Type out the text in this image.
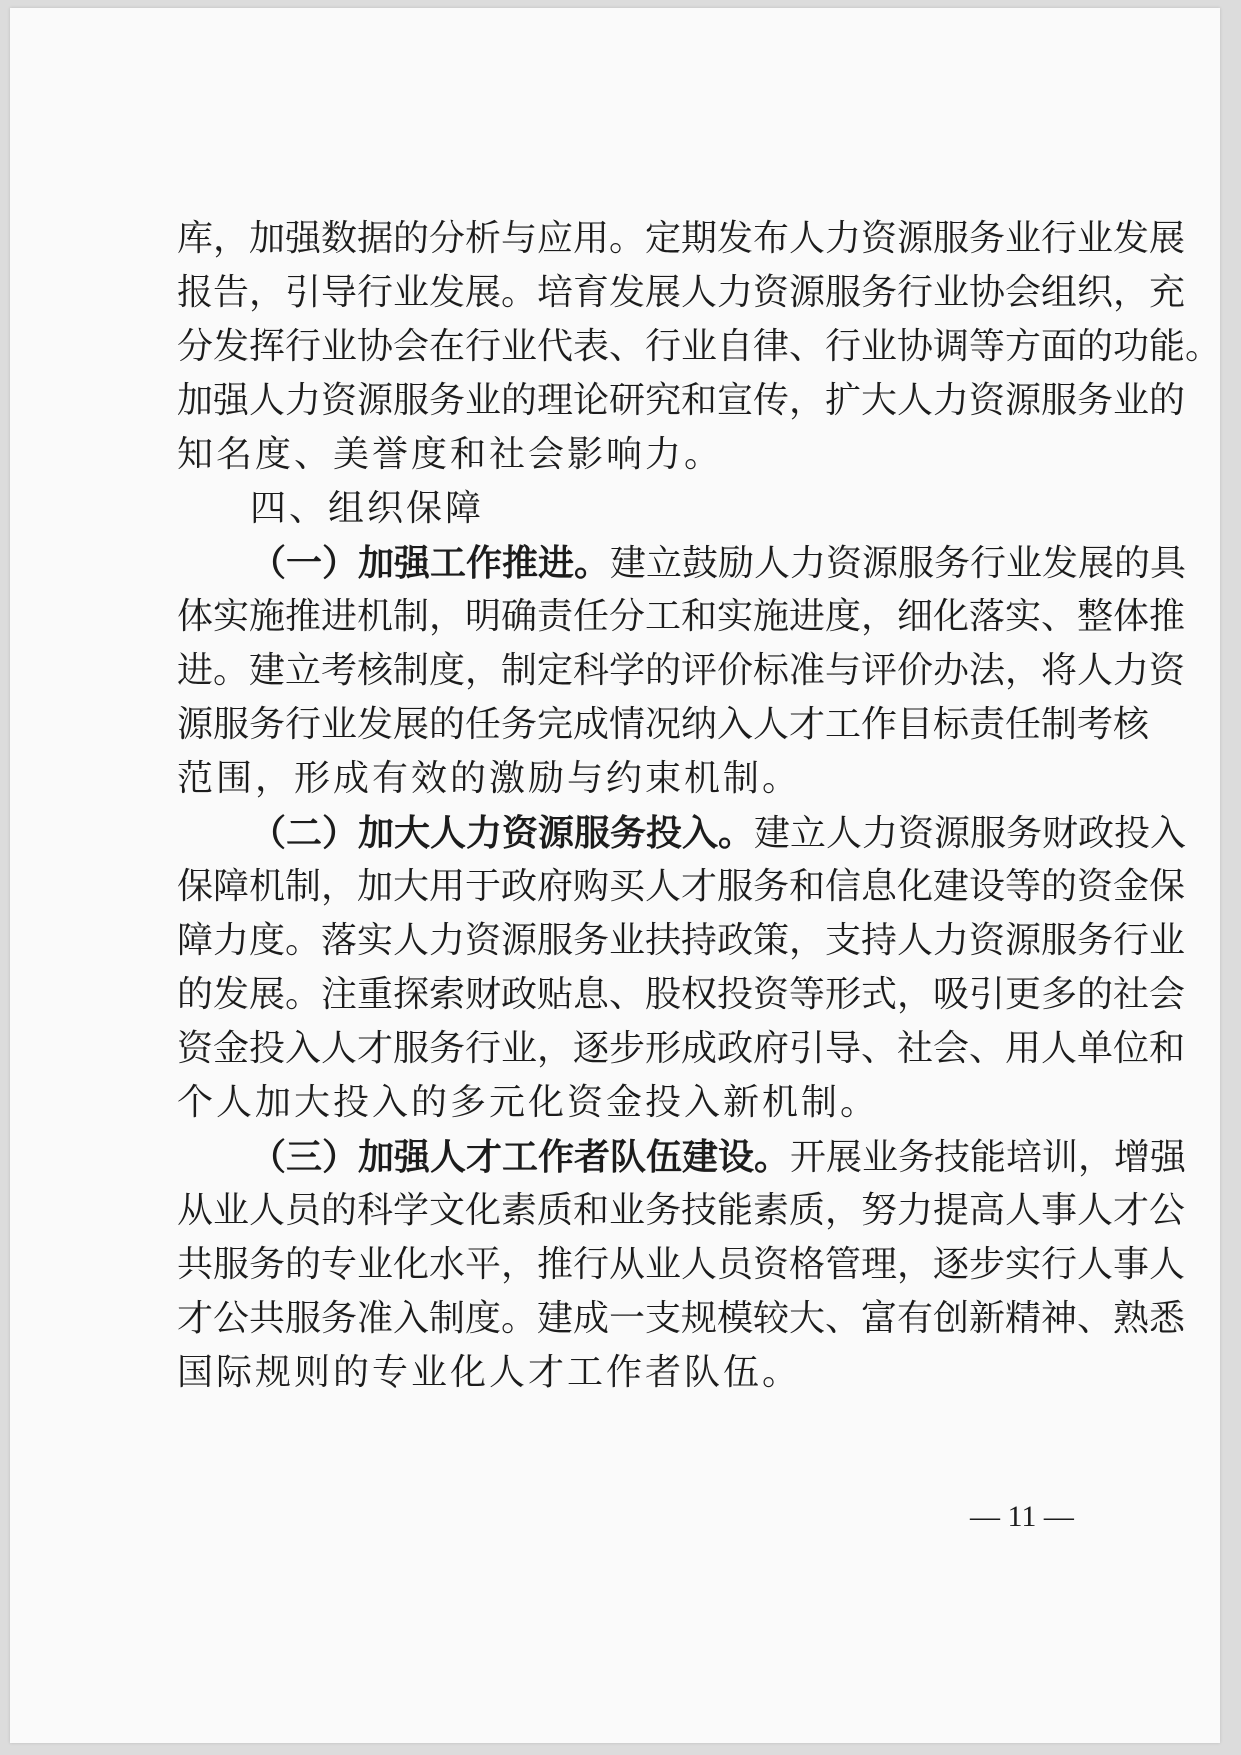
库，加强数据的分析与应用。定期发布人力资源服务业行业发展
报告，引导行业发展。培育发展人力资源服务行业协会组织，充
分发挥行业协会在行业代表、行业自律、行业协调等方面的功能。
加强人力资源服务业的理论研究和宣传，扩大人力资源服务业的
知名度、美誉度和社会影响力。
四、组织保障
（一）加强工作推进。建立鼓励人力资源服务行业发展的具
体实施推进机制，明确责任分工和实施进度，细化落实、整体推
进。建立考核制度，制定科学的评价标准与评价办法，将人力资
源服务行业发展的任务完成情况纳入人才工作目标责任制考核
范围，形成有效的激励与约束机制。
（二）加大人力资源服务投入。建立人力资源服务财政投入
保障机制，加大用于政府购买人才服务和信息化建设等的资金保
障力度。落实人力资源服务业扶持政策，支持人力资源服务行业
的发展。注重探索财政贴息、股权投资等形式，吸引更多的社会
资金投入人才服务行业，逐步形成政府引导、社会、用人单位和
个人加大投入的多元化资金投入新机制。
（三）加强人才工作者队伍建设。开展业务技能培训，增强
从业人员的科学文化素质和业务技能素质，努力提高人事人才公
共服务的专业化水平，推行从业人员资格管理，逐步实行人事人
才公共服务准入制度。建成一支规模较大、富有创新精神、熟悉
国际规则的专业化人才工作者队伍。
— 11 —
